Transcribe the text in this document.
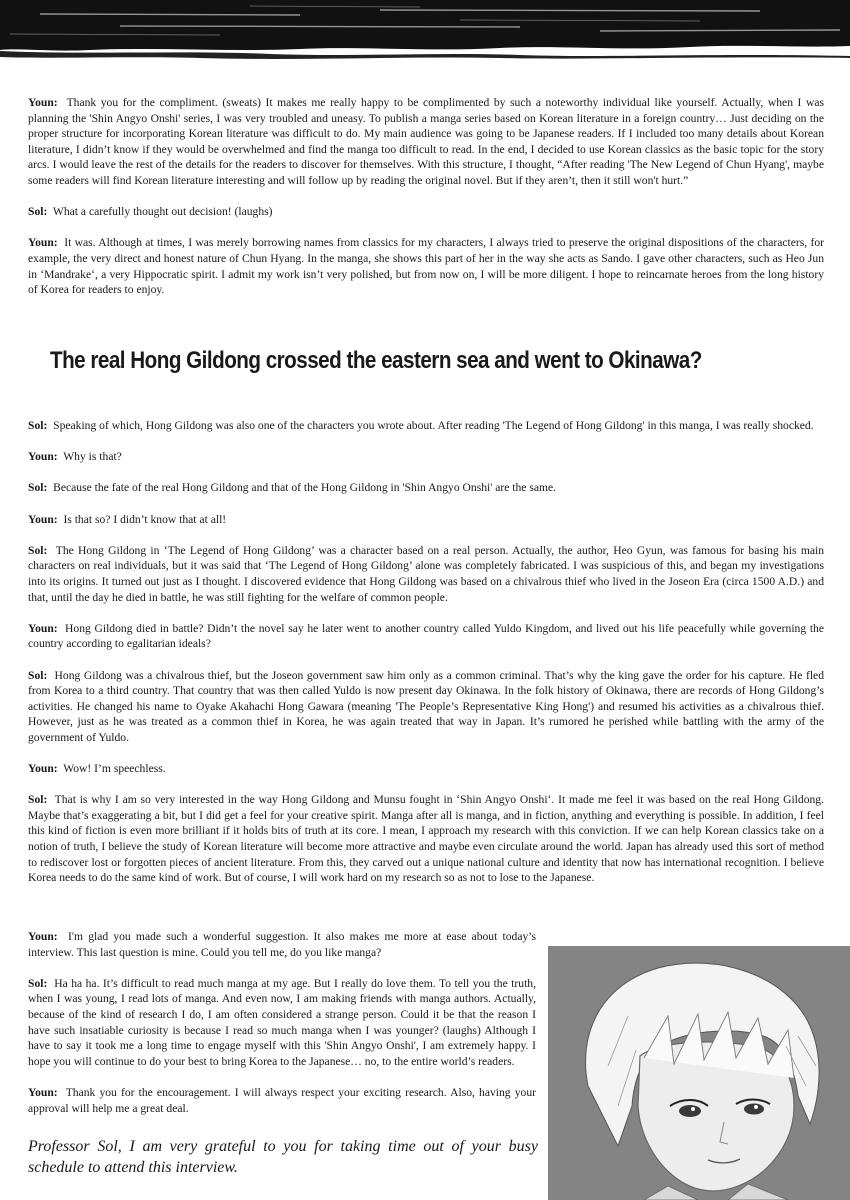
Youn: Thank you for the compliment. (sweats) It makes me really happy to be complimented by such a noteworthy individual like yourself. Actually, when I was planning the 'Shin Angyo Onshi' series, I was very troubled and uneasy. To publish a manga series based on Korean literature in a foreign country… Just deciding on the proper structure for incorporating Korean literature was difficult to do. My main audience was going to be Japanese readers. If I included too many details about Korean literature, I didn’t know if they would be overwhelmed and find the manga too difficult to read. In the end, I decided to use Korean classics as the basic topic for the story arcs. I would leave the rest of the details for the readers to discover for themselves. With this structure, I thought, “After reading 'The New Legend of Chun Hyang', maybe some readers will find Korean literature interesting and will follow up by reading the original novel. But if they aren’t, then it still won't hurt.”

Sol: What a carefully thought out decision! (laughs)

Youn: It was. Although at times, I was merely borrowing names from classics for my characters, I always tried to preserve the original dispositions of the characters, for example, the very direct and honest nature of Chun Hyang. In the manga, she shows this part of her in the way she acts as Sando. I gave other characters, such as Heo Jun in ‘Mandrake‘, a very Hippocratic spirit. I admit my work isn’t very polished, but from now on, I will be more diligent. I hope to reincarnate heroes from the long history of Korea for readers to enjoy.

The real Hong Gildong crossed the eastern sea and went to Okinawa?

Sol: Speaking of which, Hong Gildong was also one of the characters you wrote about. After reading 'The Legend of Hong Gildong' in this manga, I was really shocked.

Youn: Why is that?

Sol: Because the fate of the real Hong Gildong and that of the Hong Gildong in 'Shin Angyo Onshi' are the same.

Youn: Is that so? I didn’t know that at all!

Sol: The Hong Gildong in ‘The Legend of Hong Gildong’ was a character based on a real person. Actually, the author, Heo Gyun, was famous for basing his main characters on real individuals, but it was said that ‘The Legend of Hong Gildong’ alone was completely fabricated. I was suspicious of this, and began my investigations into its origins. It turned out just as I thought. I discovered evidence that Hong Gildong was based on a chivalrous thief who lived in the Joseon Era (circa 1500 A.D.) and that, until the day he died in battle, he was still fighting for the welfare of common people.

Youn: Hong Gildong died in battle? Didn’t the novel say he later went to another country called Yuldo Kingdom, and lived out his life peacefully while governing the country according to egalitarian ideals?

Sol: Hong Gildong was a chivalrous thief, but the Joseon government saw him only as a common criminal. That’s why the king gave the order for his capture. He fled from Korea to a third country. That country that was then called Yuldo is now present day Okinawa. In the folk history of Okinawa, there are records of Hong Gildong’s activities. He changed his name to Oyake Akahachi Hong Gawara (meaning 'The People’s Representative King Hong') and resumed his activities as a chivalrous thief. However, just as he was treated as a common thief in Korea, he was again treated that way in Japan. It’s rumored he perished while battling with the army of the government of Yuldo.

Youn: Wow! I’m speechless.

Sol: That is why I am so very interested in the way Hong Gildong and Munsu fought in ‘Shin Angyo Onshi‘. It made me feel it was based on the real Hong Gildong. Maybe that’s exaggerating a bit, but I did get a feel for your creative spirit. Manga after all is manga, and in fiction, anything and everything is possible. In addition, I feel this kind of fiction is even more brilliant if it holds bits of truth at its core. I mean, I approach my research with this conviction. If we can help Korean classics take on a notion of truth, I believe the study of Korean literature will become more attractive and maybe even circulate around the world. Japan has already used this sort of method to rediscover lost or forgotten pieces of ancient literature. From this, they carved out a unique national culture and identity that now has international recognition. I believe Korea needs to do the same kind of work. But of course, I will work hard on my research so as not to lose to the Japanese.

Youn: I'm glad you made such a wonderful suggestion. It also makes me more at ease about today’s interview. This last question is mine. Could you tell me, do you like manga?

Sol: Ha ha ha. It’s difficult to read much manga at my age. But I really do love them. To tell you the truth, when I was young, I read lots of manga. And even now, I am making friends with manga authors. Actually, because of the kind of research I do, I am often considered a strange person. Could it be that the reason I have such insatiable curiosity is because I read so much manga when I was younger? (laughs) Although I have to say it took me a long time to engage myself with this 'Shin Angyo Onshi', I am extremely happy. I hope you will continue to do your best to bring Korea to the Japanese… no, to the entire world’s readers.

Youn: Thank you for the encouragement. I will always respect your exciting research. Also, having your approval will help me a great deal.

Professor Sol, I am very grateful to you for taking time out of your busy schedule to attend this interview.
